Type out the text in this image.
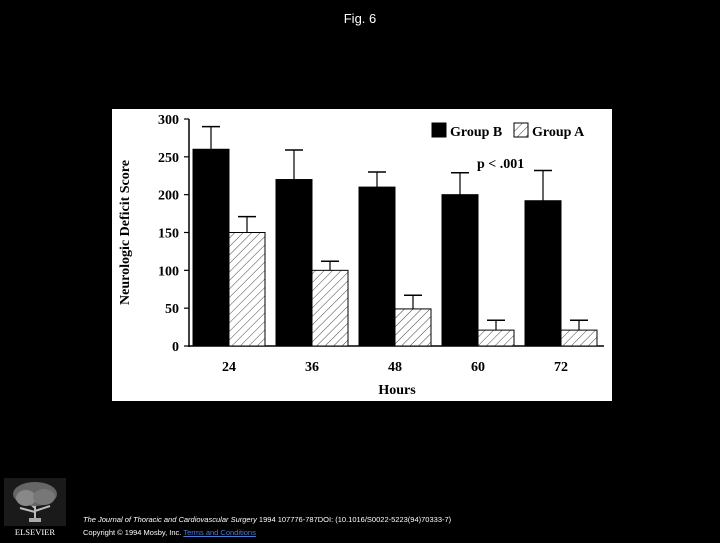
Fig. 6
0
50
100
150
200
250
300
Neurologic Deficit Score
24	36	48	60	72
Hours
Group B Group A
p < .001
ELSEVIER
The Journal of Thoracic and Cardiovascular Surgery 1994 107776-787DOI: (10.1016/S0022-5223(94)70333-7)
Copyright © 1994 Mosby, Inc. Terms and Conditions
